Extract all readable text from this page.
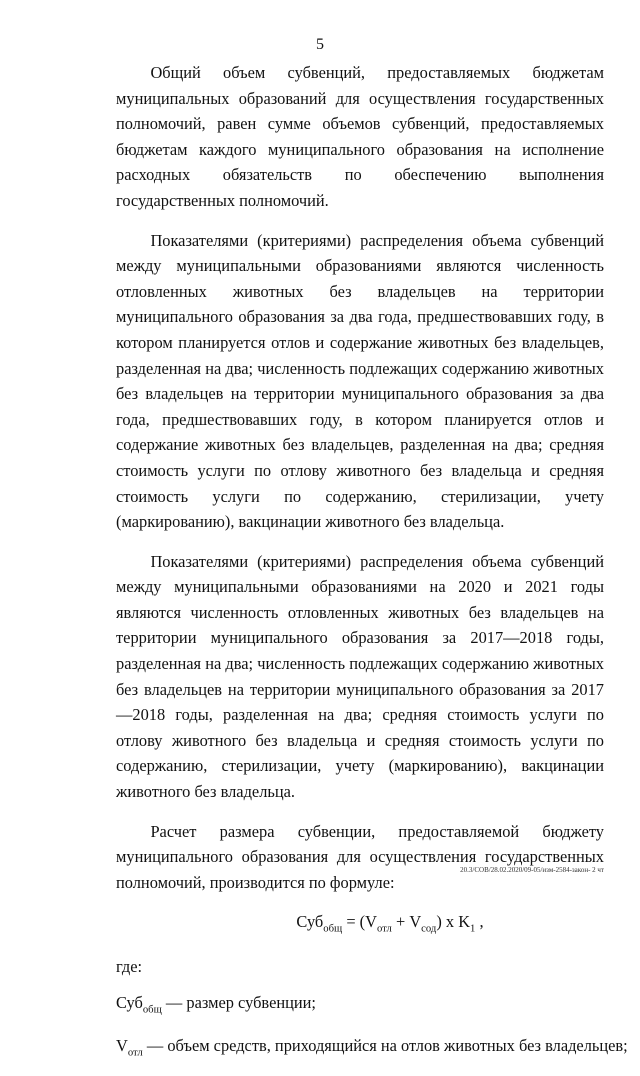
5

Общий объем субвенций, предоставляемых бюджетам муниципальных образований для осуществления государственных полномочий, равен сумме объемов субвенций, предоставляемых бюджетам каждого муниципального образования на исполнение расходных обязательств по обеспечению выполнения государственных полномочий.

Показателями (критериями) распределения объема субвенций между муниципальными образованиями являются численность отловленных животных без владельцев на территории муниципального образования за два года, предшествовавших году, в котором планируется отлов и содержание животных без владельцев, разделенная на два; численность подлежащих содержанию животных без владельцев на территории муниципального образования за два года, предшествовавших году, в котором планируется отлов и содержание животных без владельцев, разделенная на два; средняя стоимость услуги по отлову животного без владельца и средняя стоимость услуги по содержанию, стерилизации, учету (маркированию), вакцинации животного без владельца.

Показателями (критериями) распределения объема субвенций между муниципальными образованиями на 2020 и 2021 годы являются численность отловленных животных без владельцев на территории муниципального образования за 2017—2018 годы, разделенная на два; численность подлежащих содержанию животных без владельцев на территории муниципального образования за 2017—2018 годы, разделенная на два; средняя стоимость услуги по отлову животного без владельца и средняя стоимость услуги по содержанию, стерилизации, учету (маркированию), вакцинации животного без владельца.

Расчет размера субвенции, предоставляемой бюджету муниципального образования для осуществления государственных полномочий, производится по формуле:

$Суб_{общ} = (V_{отл} + V_{сод})$ x $K_1$ ,
где:
Суб$_{общ}$ — размер субвенции;
$V_{отл}$ — объем средств, приходящийся на отлов животных без владельцев;
20.3/СОВ/28.02.2020/09-05/изм-2584-закон- 2 чт
